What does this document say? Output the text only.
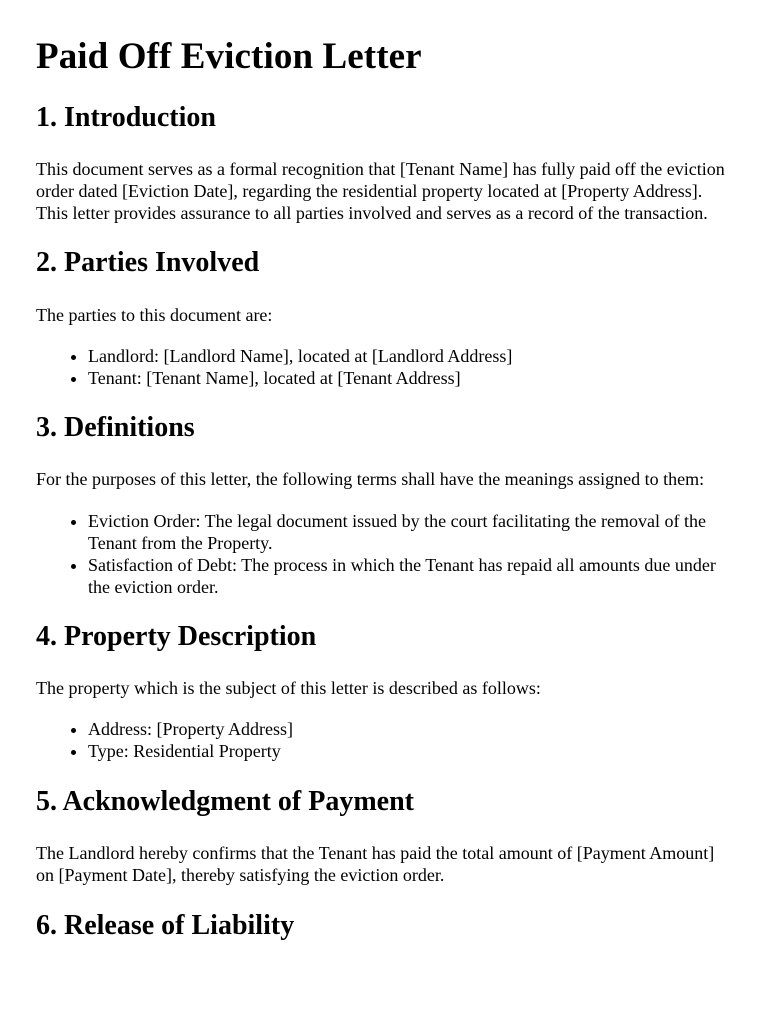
Paid Off Eviction Letter
1. Introduction

This document serves as a formal recognition that [Tenant Name] has fully paid off the eviction order dated [Eviction Date], regarding the residential property located at [Property Address]. This letter provides assurance to all parties involved and serves as a record of the transaction.

2. Parties Involved

The parties to this document are:

• Landlord: [Landlord Name], located at [Landlord Address]
• Tenant: [Tenant Name], located at [Tenant Address]
3. Definitions

For the purposes of this letter, the following terms shall have the meanings assigned to them:

• Eviction Order: The legal document issued by the court facilitating the removal of the Tenant from the Property.
• Satisfaction of Debt: The process in which the Tenant has repaid all amounts due under the eviction order.
4. Property Description

The property which is the subject of this letter is described as follows:

• Address: [Property Address]
• Type: Residential Property
5. Acknowledgment of Payment

The Landlord hereby confirms that the Tenant has paid the total amount of [Payment Amount] on [Payment Date], thereby satisfying the eviction order.

6. Release of Liability
